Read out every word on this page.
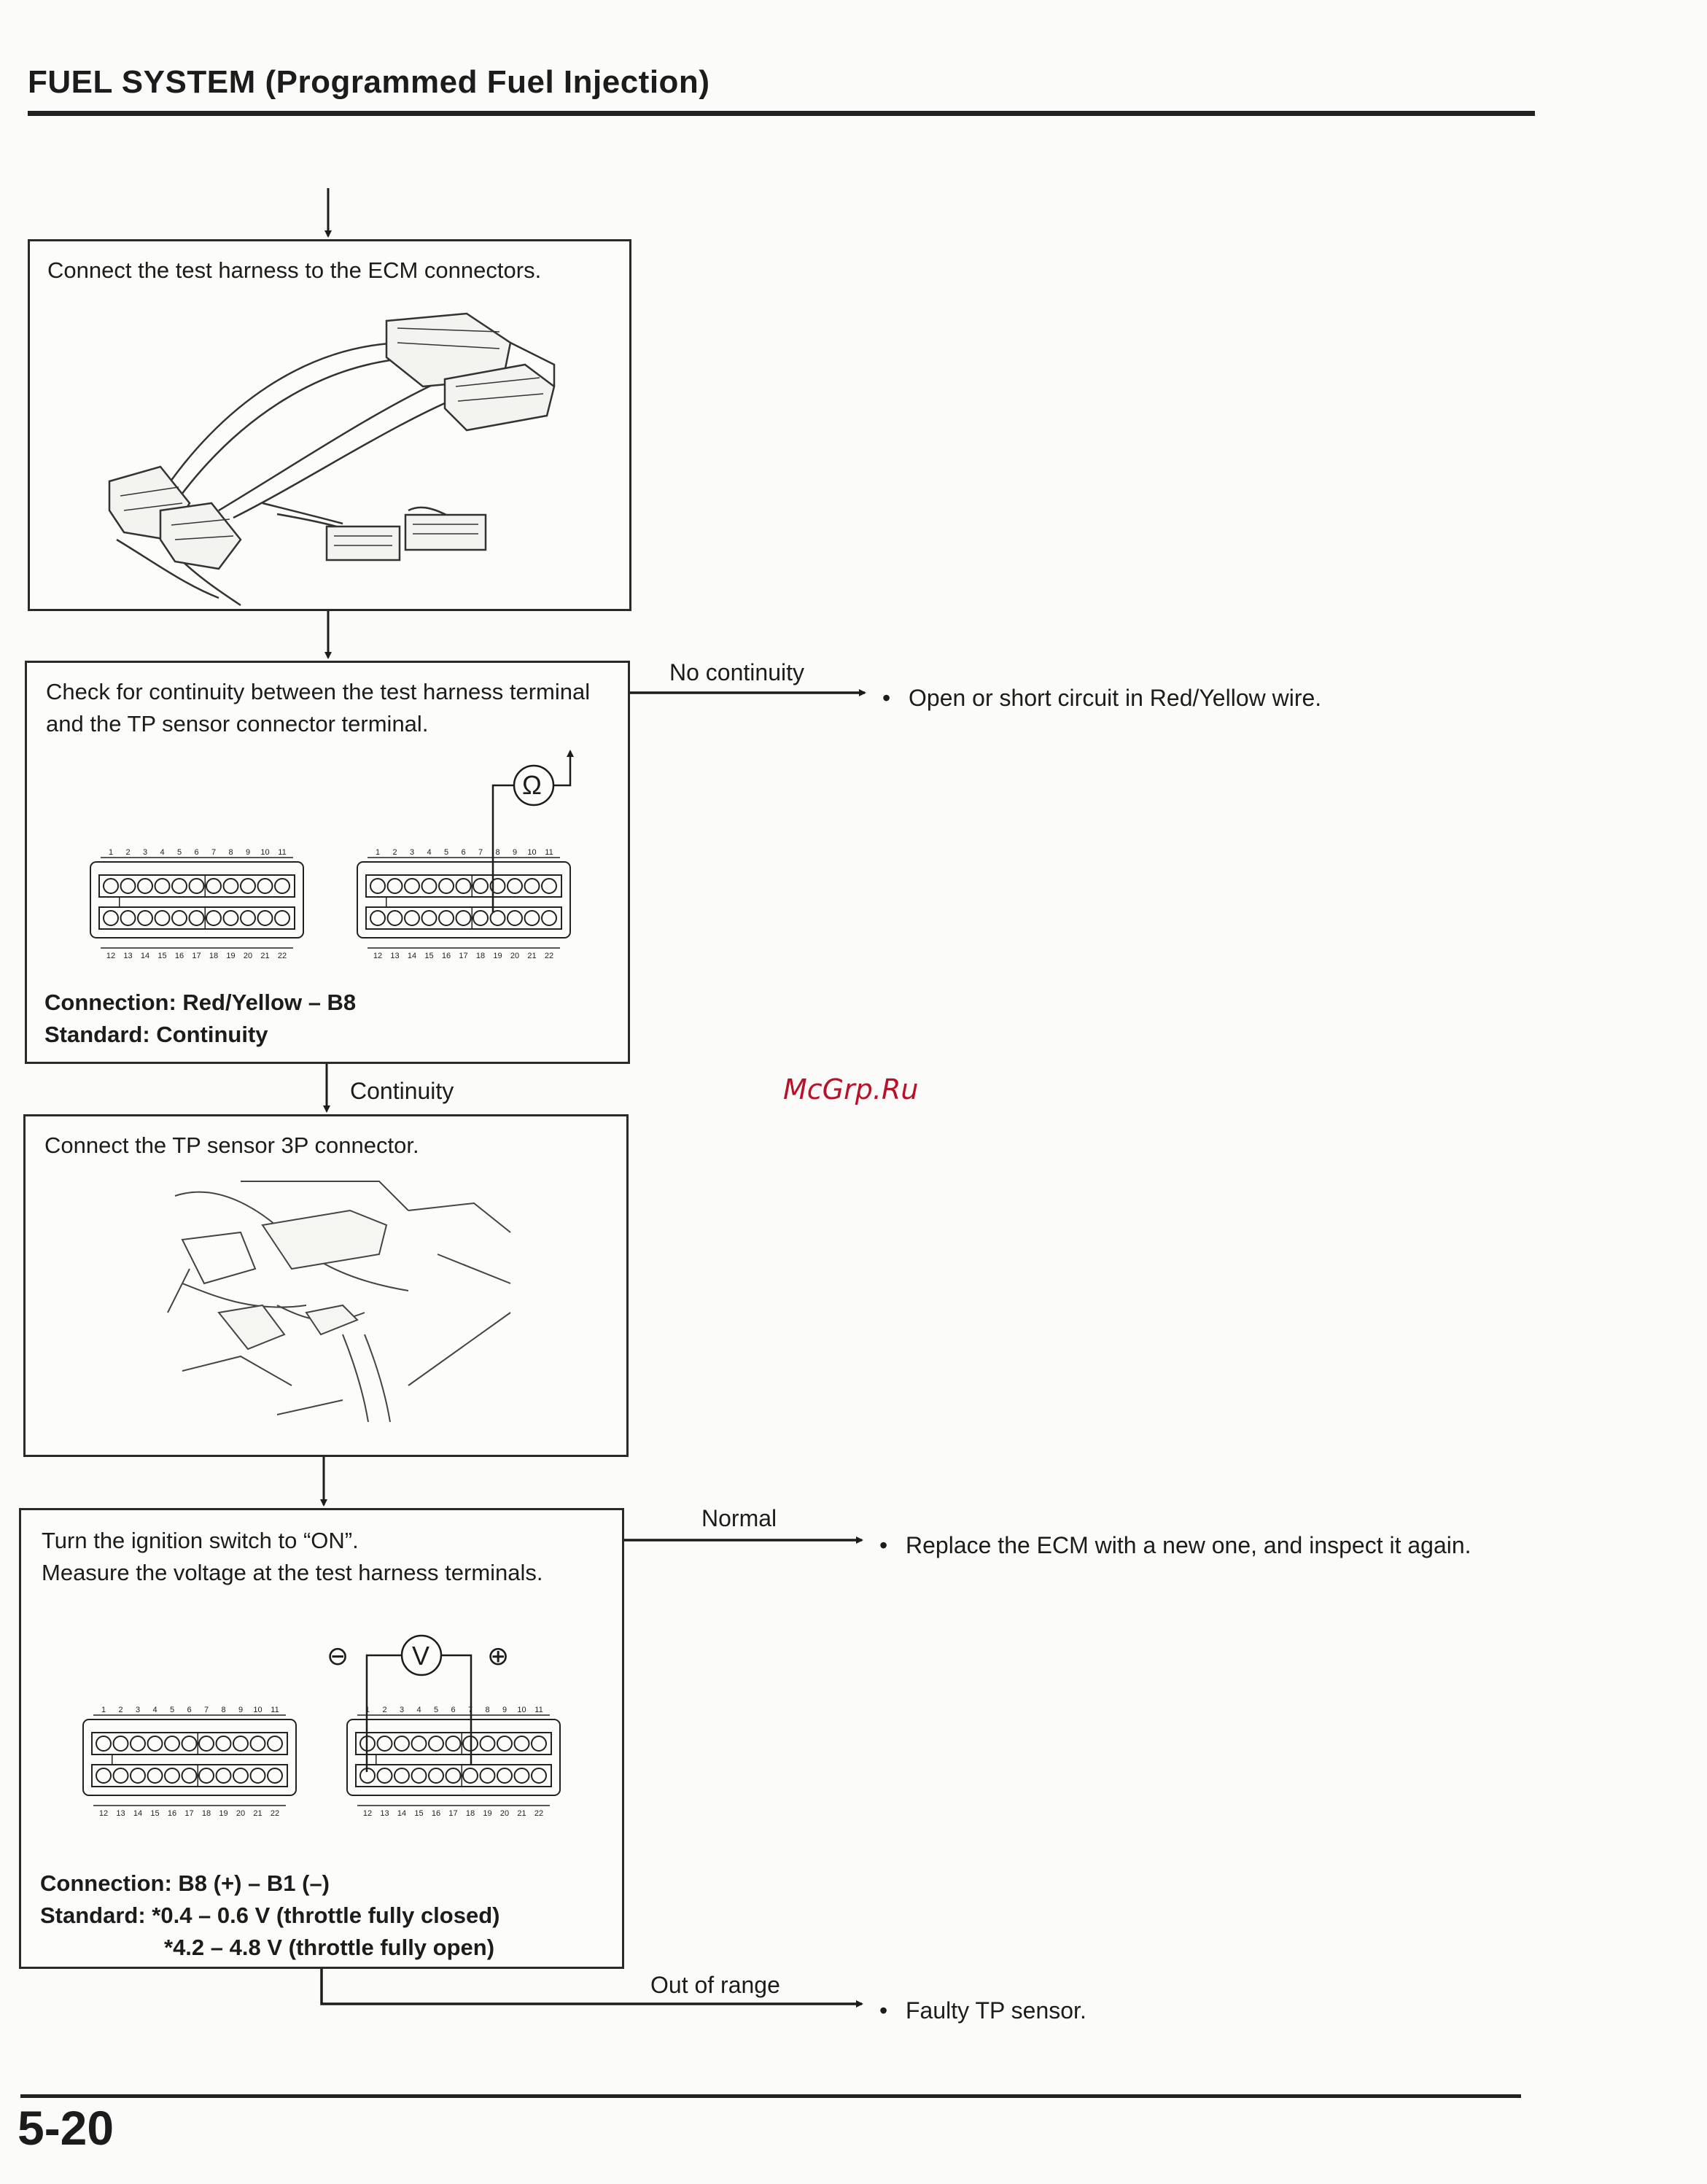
FUEL SYSTEM (Programmed Fuel Injection)
Connect the test harness to the ECM connectors.
Check for continuity between the test harness terminal and the TP sensor connector terminal.
Connection: Red/Yellow – B8
Standard: Continuity
Connect the TP sensor 3P connector.
Turn the ignition switch to “ON”.
Measure the voltage at the test harness terminals.
Connection: B8 (+) – B1 (–)
Standard: *0.4 – 0.6 V (throttle fully closed)
*4.2 – 4.8 V (throttle fully open)
1
12
2
13
3
14
4
15
5
16
6
17
7
18
8
19
9
20
10
21
11
22
1
12
2
13
3
14
4
15
5
16
6
17
7
18
8
19
9
20
10
21
11
22
1
12
2
13
3
14
4
15
5
16
6
17
7
18
8
19
9
20
10
21
11
22
1
12
2
13
3
14
4
15
5
16
6
17
7
18
8
19
9
20
10
21
11
22
Ω
V
⊖	⊕
No continuity
Continuity
Normal
Out of range
• Open or short circuit in Red/Yellow wire.
• Replace the ECM with a new one, and inspect it again.
• Faulty TP sensor.
McGrp.Ru
5-20
